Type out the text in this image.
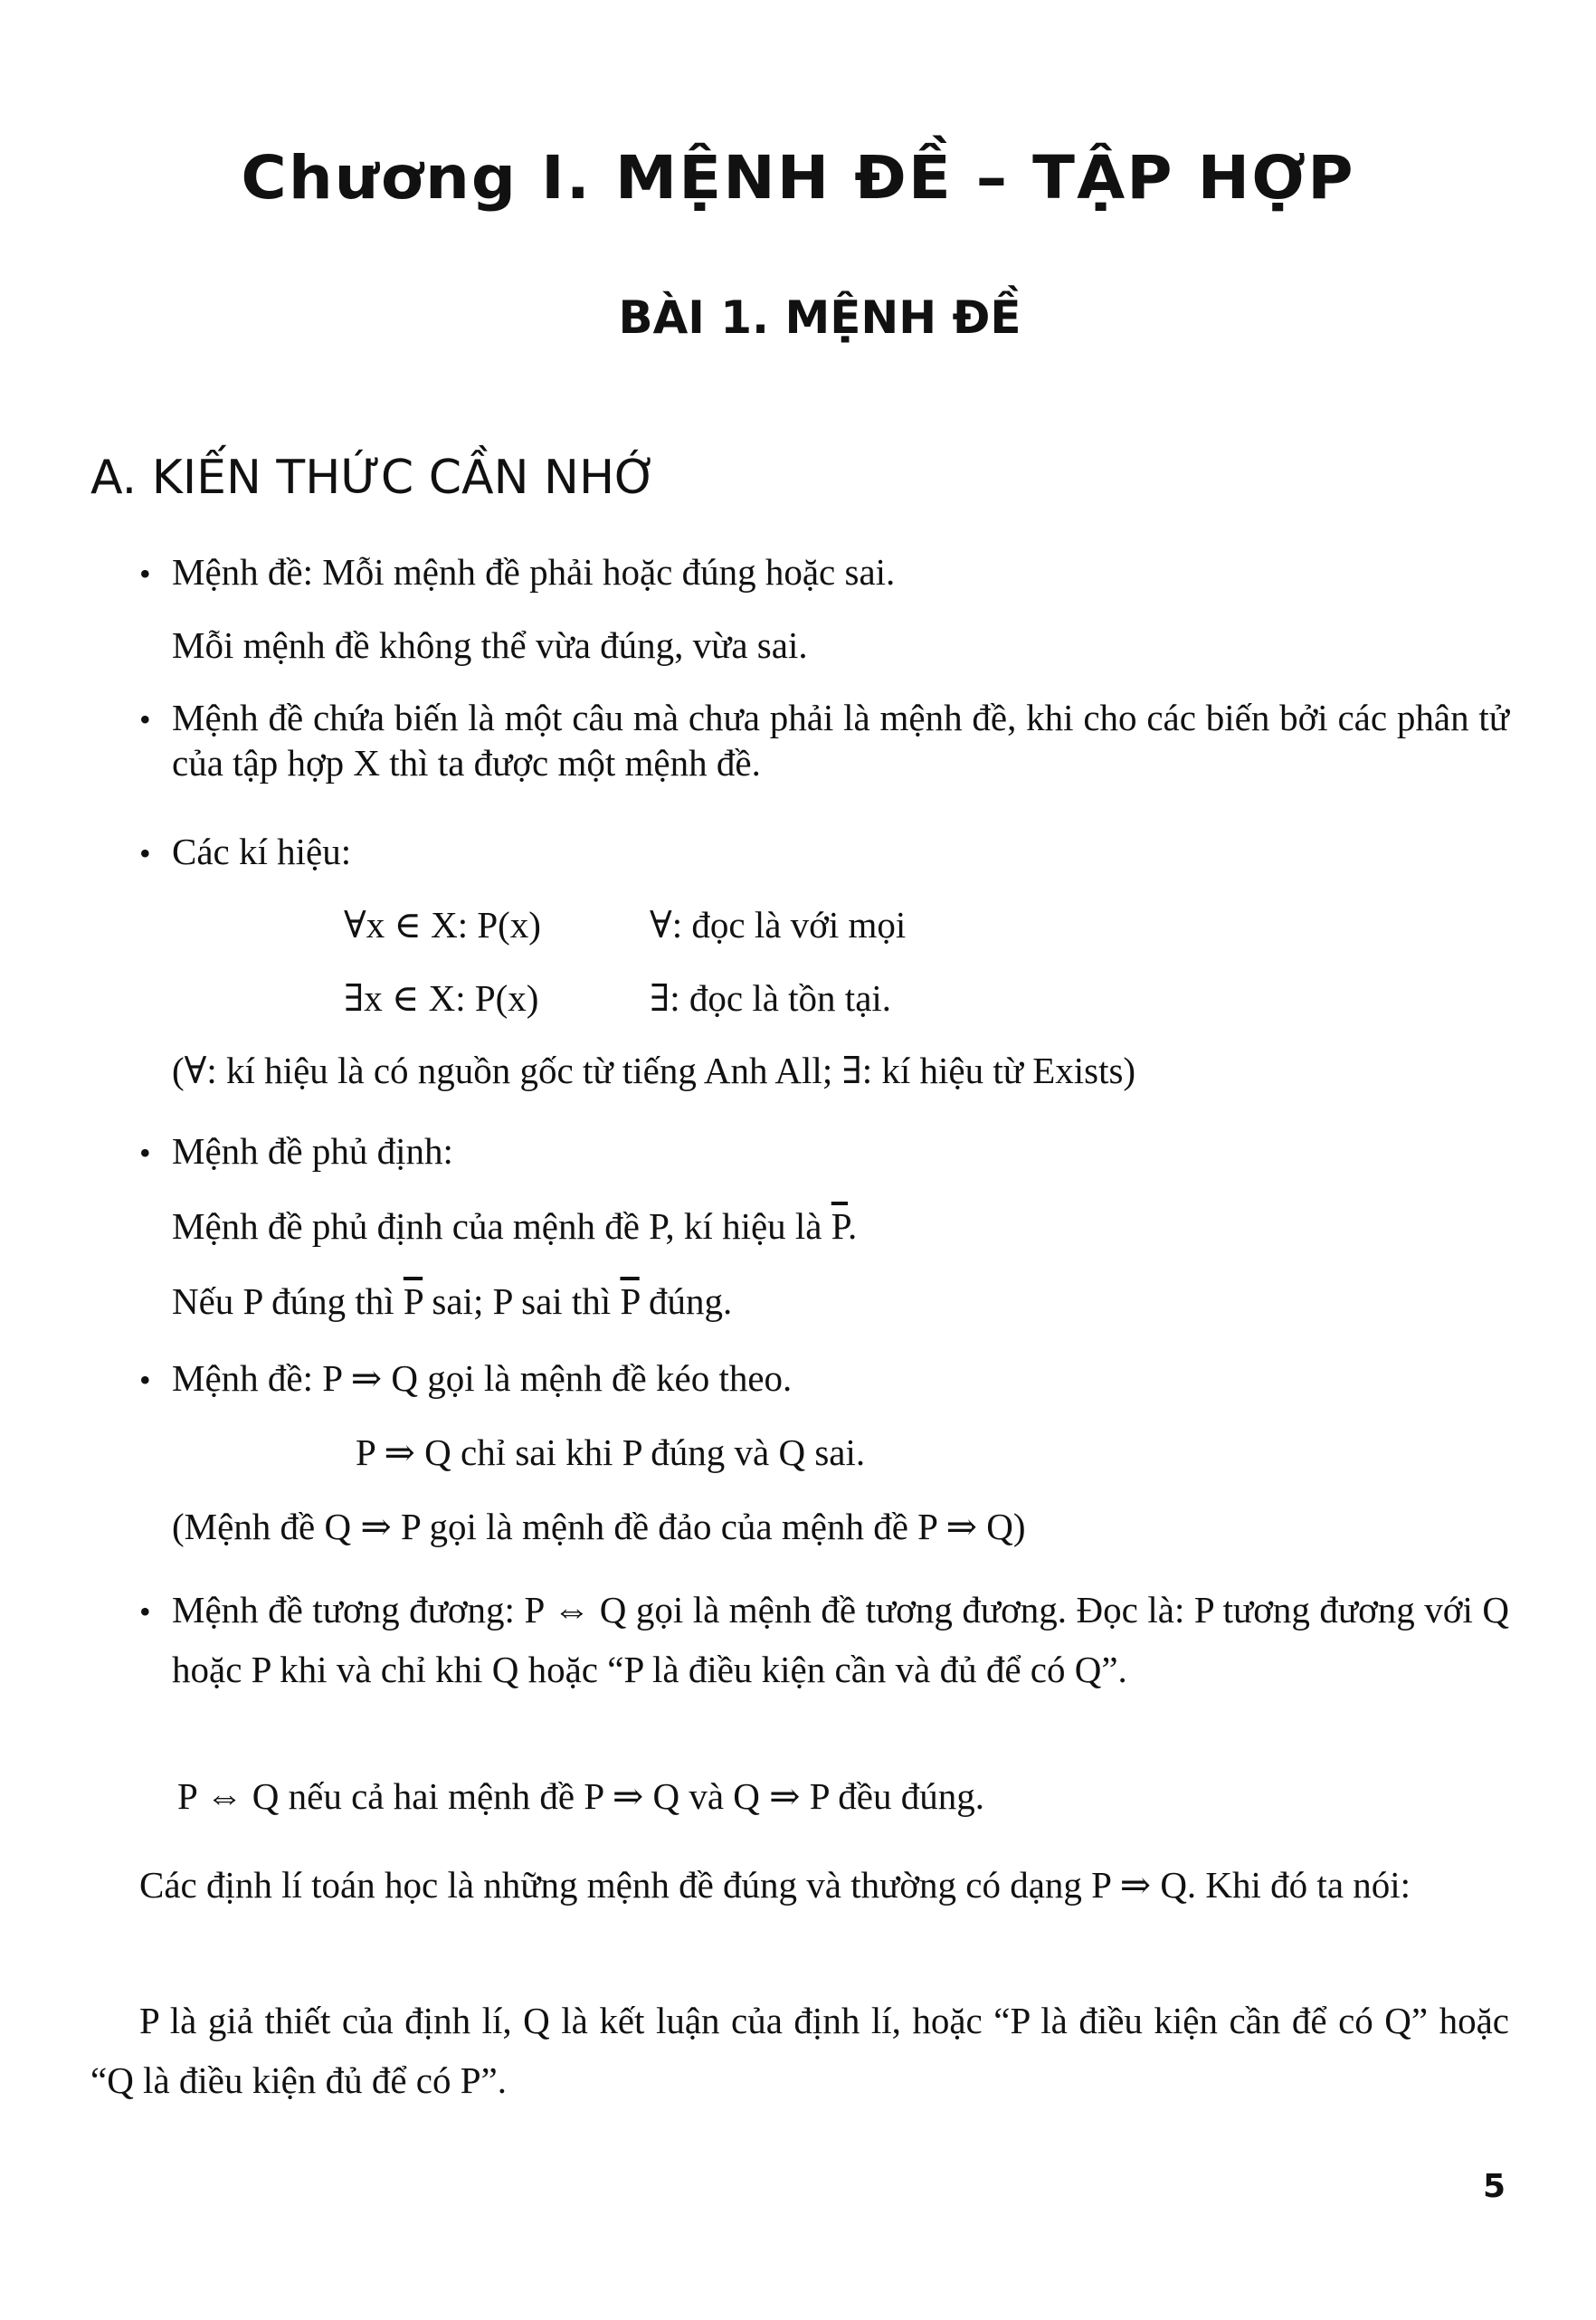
Chương I. MỆNH ĐỀ – TẬP HỢP
BÀI 1. MỆNH ĐỀ
A. KIẾN THỨC CẦN NHỚ
• Mệnh đề: Mỗi mệnh đề phải hoặc đúng hoặc sai.
Mỗi mệnh đề không thể vừa đúng, vừa sai.
• Mệnh đề chứa biến là một câu mà chưa phải là mệnh đề, khi cho các biến bởi các phân tử của tập hợp X thì ta được một mệnh đề.
• Các kí hiệu:
∀x ∈ X: P(x)	∀: đọc là với mọi
∃x ∈ X: P(x)	∃: đọc là tồn tại.
(∀: kí hiệu là có nguồn gốc từ tiếng Anh All; ∃: kí hiệu từ Exists)
• Mệnh đề phủ định:
Mệnh đề phủ định của mệnh đề P, kí hiệu là $\overline{P}$.
Nếu P đúng thì $\overline{P}$ sai; P sai thì $\overline{P}$ đúng.
• Mệnh đề: P ⇒ Q gọi là mệnh đề kéo theo.
P ⇒ Q chỉ sai khi P đúng và Q sai.
(Mệnh đề Q ⇒ P gọi là mệnh đề đảo của mệnh đề P ⇒ Q)
• Mệnh đề tương đương: P ⇔ Q gọi là mệnh đề tương đương. Đọc là: P tương đương với Q hoặc P khi và chỉ khi Q hoặc “P là điều kiện cần và đủ để có Q”.
P ⇔ Q nếu cả hai mệnh đề P ⇒ Q và Q ⇒ P đều đúng.
Các định lí toán học là những mệnh đề đúng và thường có dạng P ⇒ Q. Khi đó ta nói:
P là giả thiết của định lí, Q là kết luận của định lí, hoặc “P là điều kiện cần để có Q” hoặc “Q là điều kiện đủ để có P”.
5
